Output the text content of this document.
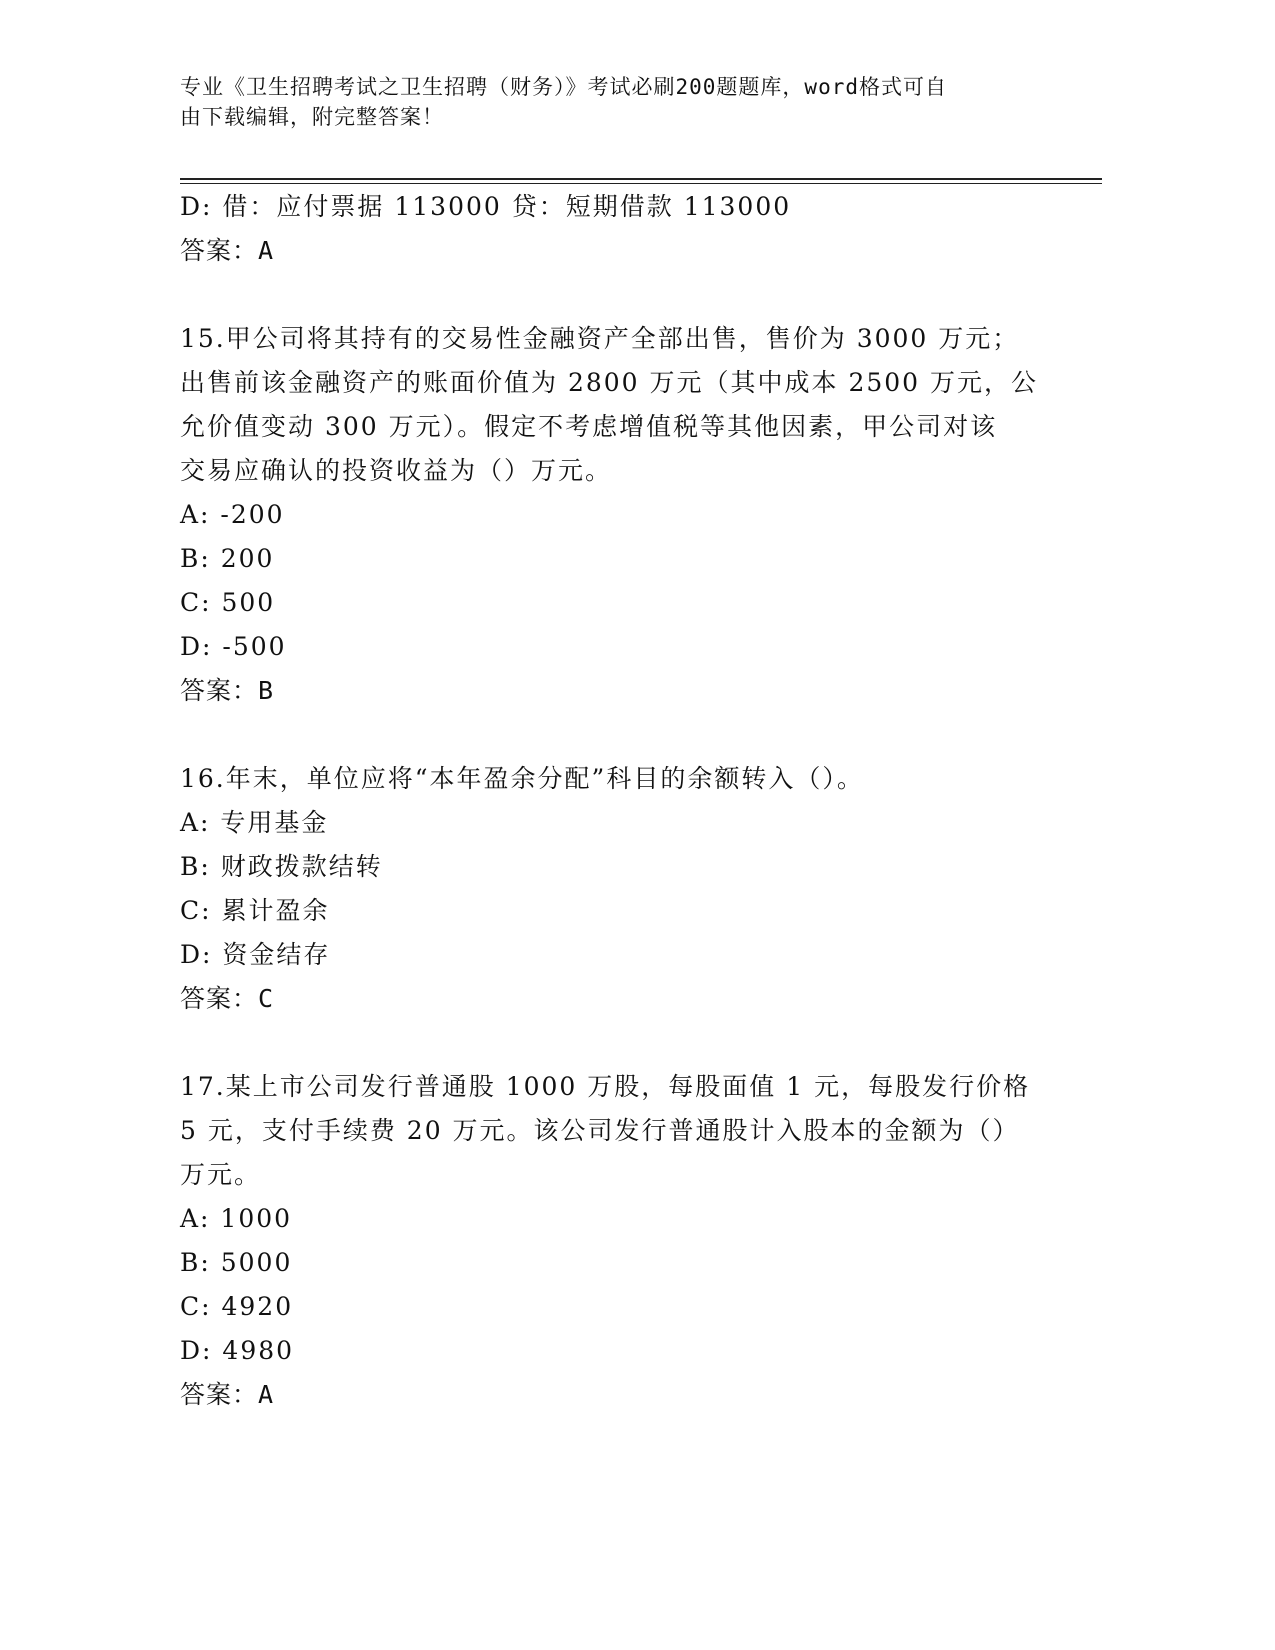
专业《卫生招聘考试之卫生招聘（财务）》考试必刷200题题库，word格式可自
由下载编辑，附完整答案！
D: 借：应付票据 113000 贷：短期借款 113000
答案：A
15.甲公司将其持有的交易性金融资产全部出售，售价为 3000 万元；
出售前该金融资产的账面价值为 2800 万元（其中成本 2500 万元，公
允价值变动 300 万元）。假定不考虑增值税等其他因素，甲公司对该
交易应确认的投资收益为（）万元。
A: -200
B: 200
C: 500
D: -500
答案：B
16.年末，单位应将“本年盈余分配”科目的余额转入（）。
A: 专用基金
B: 财政拨款结转
C: 累计盈余
D: 资金结存
答案：C
17.某上市公司发行普通股 1000 万股，每股面值 1 元，每股发行价格
5 元，支付手续费 20 万元。该公司发行普通股计入股本的金额为（）
万元。
A: 1000
B: 5000
C: 4920
D: 4980
答案：A
